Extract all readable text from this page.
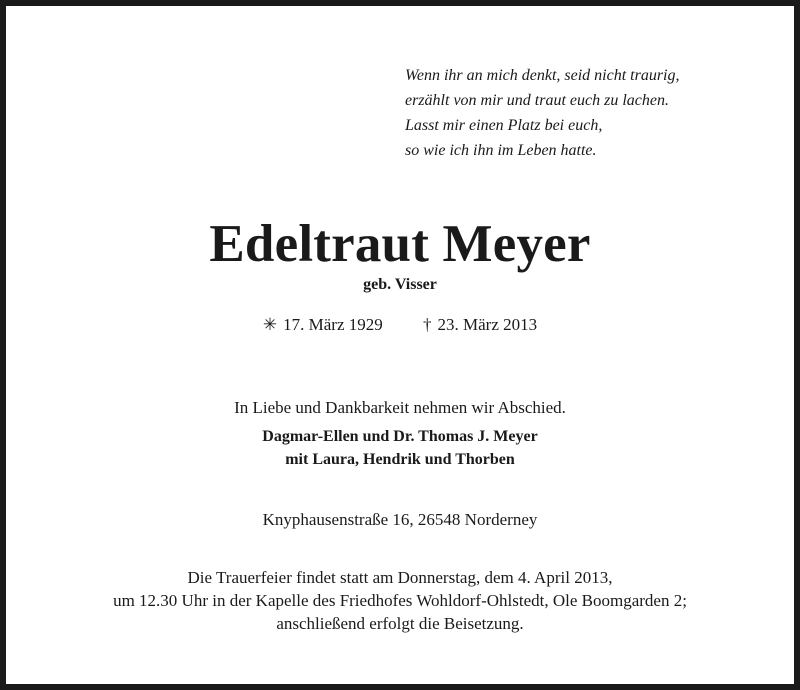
Wenn ihr an mich denkt, seid nicht traurig,
erzählt von mir und traut euch zu lachen.
Lasst mir einen Platz bei euch,
so wie ich ihn im Leben hatte.
Edeltraut Meyer
geb. Visser
✳ 17. März 1929 † 23. März 2013
In Liebe und Dankbarkeit nehmen wir Abschied.
Dagmar-Ellen und Dr. Thomas J. Meyer
mit Laura, Hendrik und Thorben
Knyphausenstraße 16, 26548 Norderney
Die Trauerfeier findet statt am Donnerstag, dem 4. April 2013,
um 12.30 Uhr in der Kapelle des Friedhofes Wohldorf-Ohlstedt, Ole Boomgarden 2;
anschließend erfolgt die Beisetzung.
